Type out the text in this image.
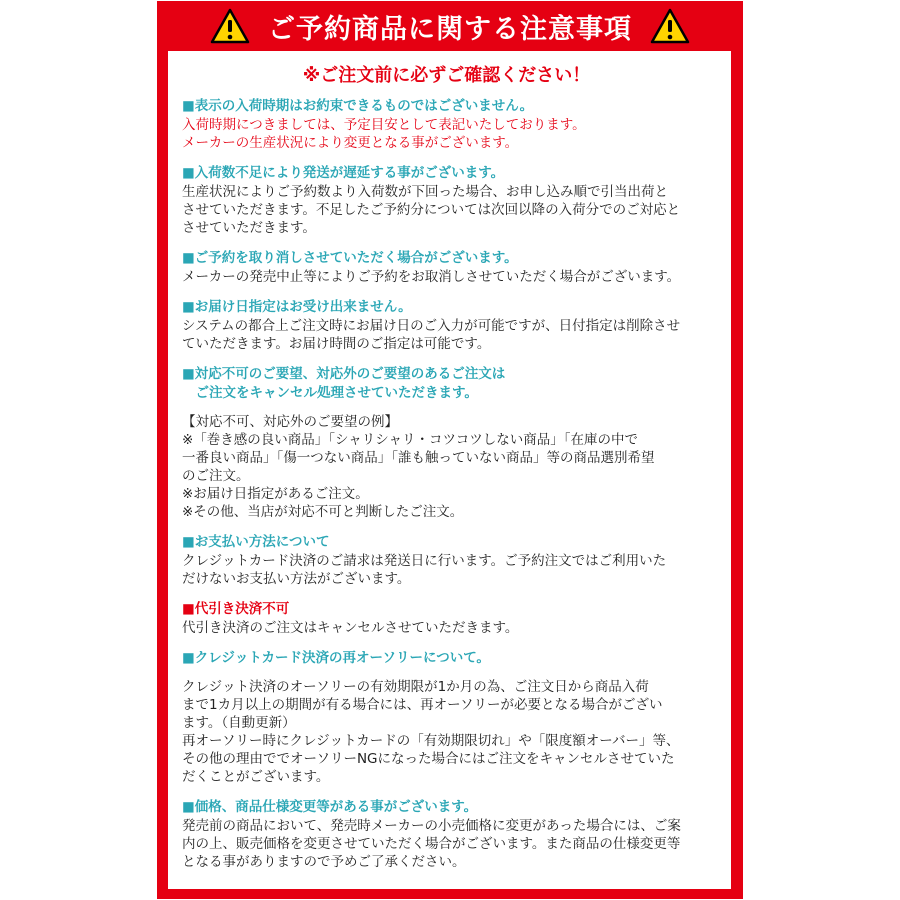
ご予約商品に関する注意事項
※ご注文前に必ずご確認ください！
■表示の入荷時期はお約束できるものではございません。
入荷時期につきましては、予定目安として表記いたしております。
メーカーの生産状況により変更となる事がございます。
■入荷数不足により発送が遅延する事がございます。
生産状況によりご予約数より入荷数が下回った場合、お申し込み順で引当出荷と
させていただきます。不足したご予約分については次回以降の入荷分でのご対応と
させていただきます。
■ご予約を取り消しさせていただく場合がございます。
メーカーの発売中止等によりご予約をお取消しさせていただく場合がございます。
■お届け日指定はお受け出来ません。
システムの都合上ご注文時にお届け日のご入力が可能ですが、日付指定は削除させ
ていただきます。お届け時間のご指定は可能です。
■対応不可のご要望、対応外のご要望のあるご注文は
　ご注文をキャンセル処理させていただきます。
【対応不可、対応外のご要望の例】
※「巻き感の良い商品」「シャリシャリ・コツコツしない商品」「在庫の中で
一番良い商品」「傷一つない商品」「誰も触っていない商品」等の商品選別希望
のご注文。
※お届け日指定があるご注文。
※その他、当店が対応不可と判断したご注文。
■お支払い方法について
クレジットカード決済のご請求は発送日に行います。ご予約注文ではご利用いた
だけないお支払い方法がございます。
■代引き決済不可
代引き決済のご注文はキャンセルさせていただきます。
■クレジットカード決済の再オーソリーについて。
クレジット決済のオーソリーの有効期限が1か月の為、ご注文日から商品入荷
まで1カ月以上の期間が有る場合には、再オーソリーが必要となる場合がござい
ます。（自動更新）
再オーソリー時にクレジットカードの「有効期限切れ」や「限度額オーバー」等、
その他の理由ででオーソリーNGになった場合にはご注文をキャンセルさせていた
だくことがございます。
■価格、商品仕様変更等がある事がございます。
発売前の商品において、発売時メーカーの小売価格に変更があった場合には、ご案
内の上、販売価格を変更させていただく場合がございます。また商品の仕様変更等
となる事がありますので予めご了承ください。
